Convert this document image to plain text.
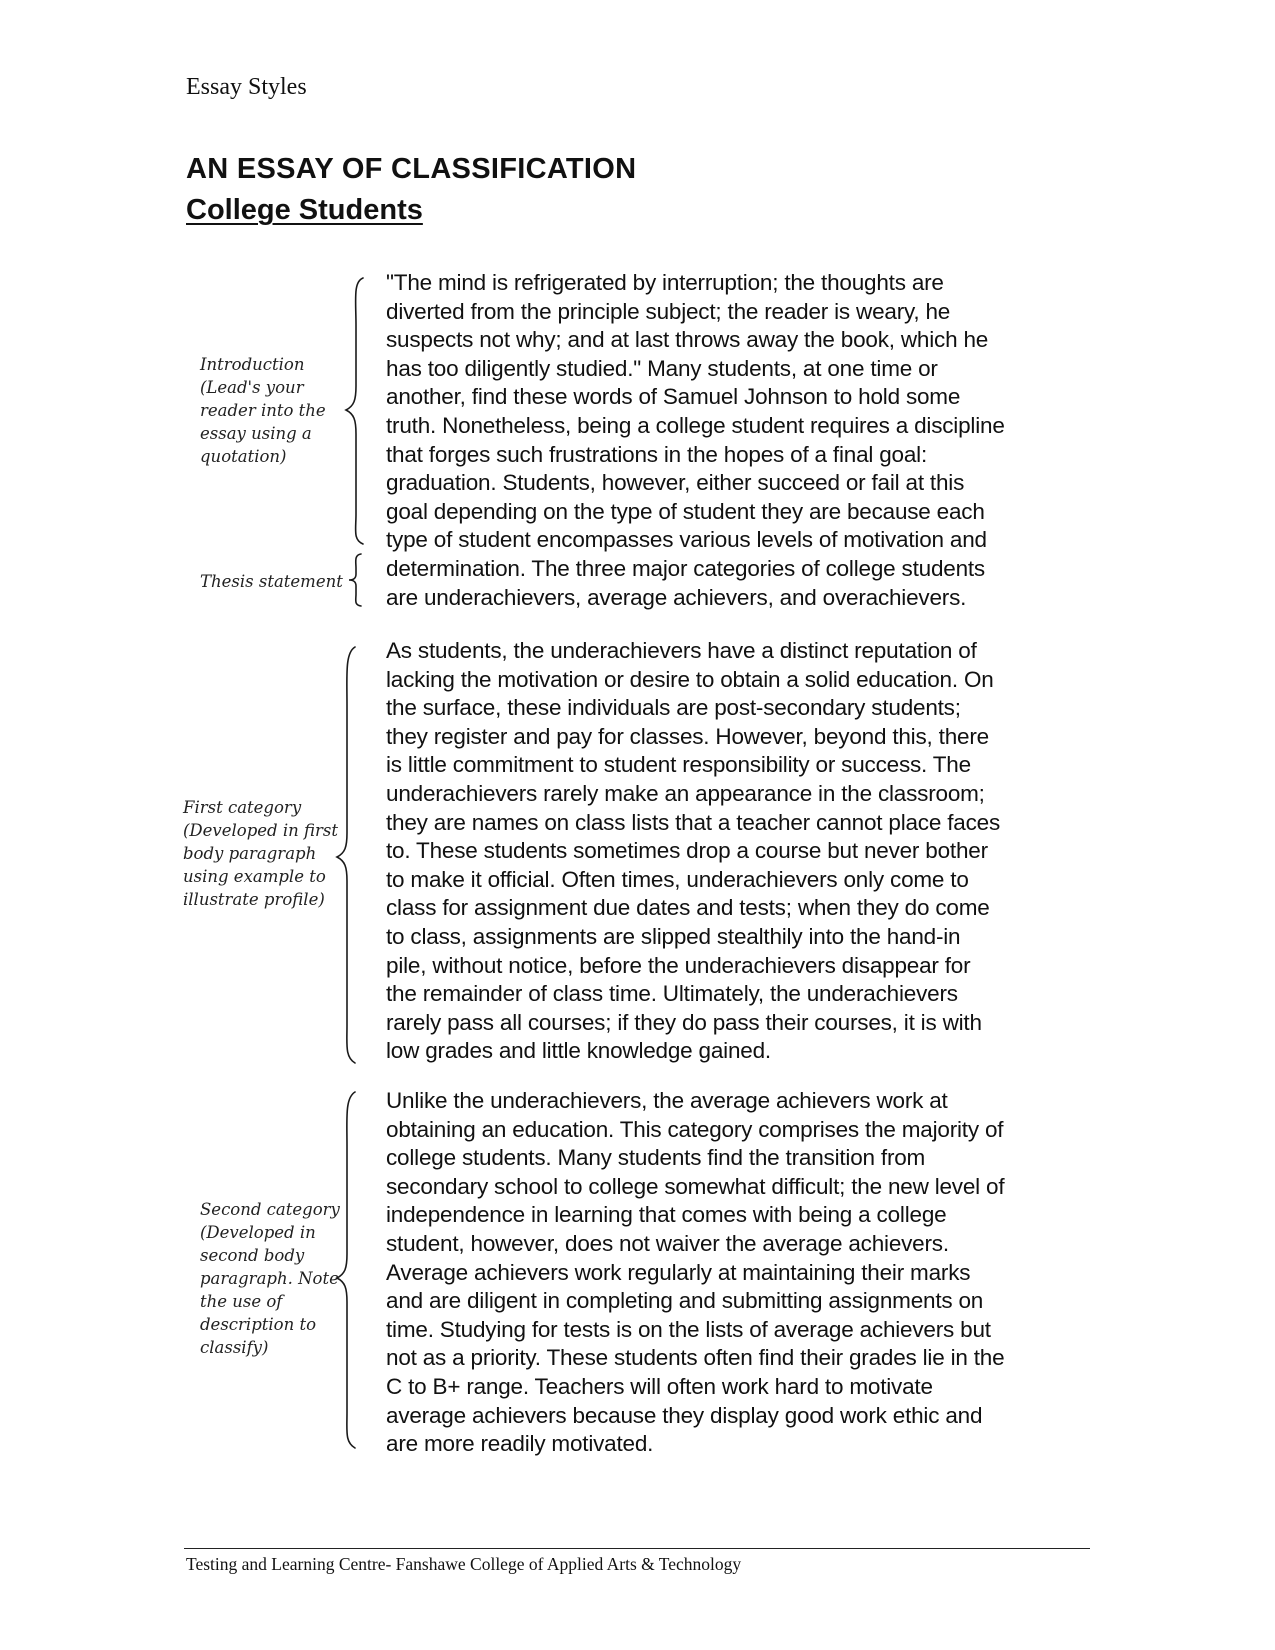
Essay Styles
AN ESSAY OF CLASSIFICATION
College Students
Introduction
(Lead's your
reader into the
essay using a
quotation)
Thesis statement
First category
(Developed in first
body paragraph
using example to
illustrate profile)
Second category
(Developed in
second body
paragraph. Note
the use of
description to
classify)

"The mind is refrigerated by interruption; the thoughts are diverted from the principle subject; the reader is weary, he suspects not why; and at last throws away the book, which he has too diligently studied." Many students, at one time or another, find these words of Samuel Johnson to hold some truth. Nonetheless, being a college student requires a discipline that forges such frustrations in the hopes of a final goal: graduation. Students, however, either succeed or fail at this goal depending on the type of student they are because each type of student encompasses various levels of motivation and determination. The three major categories of college students are underachievers, average achievers, and overachievers.

As students, the underachievers have a distinct reputation of lacking the motivation or desire to obtain a solid education. On the surface, these individuals are post-secondary students; they register and pay for classes. However, beyond this, there is little commitment to student responsibility or success. The underachievers rarely make an appearance in the classroom; they are names on class lists that a teacher cannot place faces to. These students sometimes drop a course but never bother to make it official. Often times, underachievers only come to class for assignment due dates and tests; when they do come to class, assignments are slipped stealthily into the hand-in pile, without notice, before the underachievers disappear for the remainder of class time. Ultimately, the underachievers rarely pass all courses; if they do pass their courses, it is with low grades and little knowledge gained.

Unlike the underachievers, the average achievers work at obtaining an education. This category comprises the majority of college students. Many students find the transition from secondary school to college somewhat difficult; the new level of independence in learning that comes with being a college student, however, does not waiver the average achievers. Average achievers work regularly at maintaining their marks and are diligent in completing and submitting assignments on time. Studying for tests is on the lists of average achievers but not as a priority. These students often find their grades lie in the C to B+ range. Teachers will often work hard to motivate average achievers because they display good work ethic and are more readily motivated.

Testing and Learning Centre- Fanshawe College of Applied Arts & Technology
